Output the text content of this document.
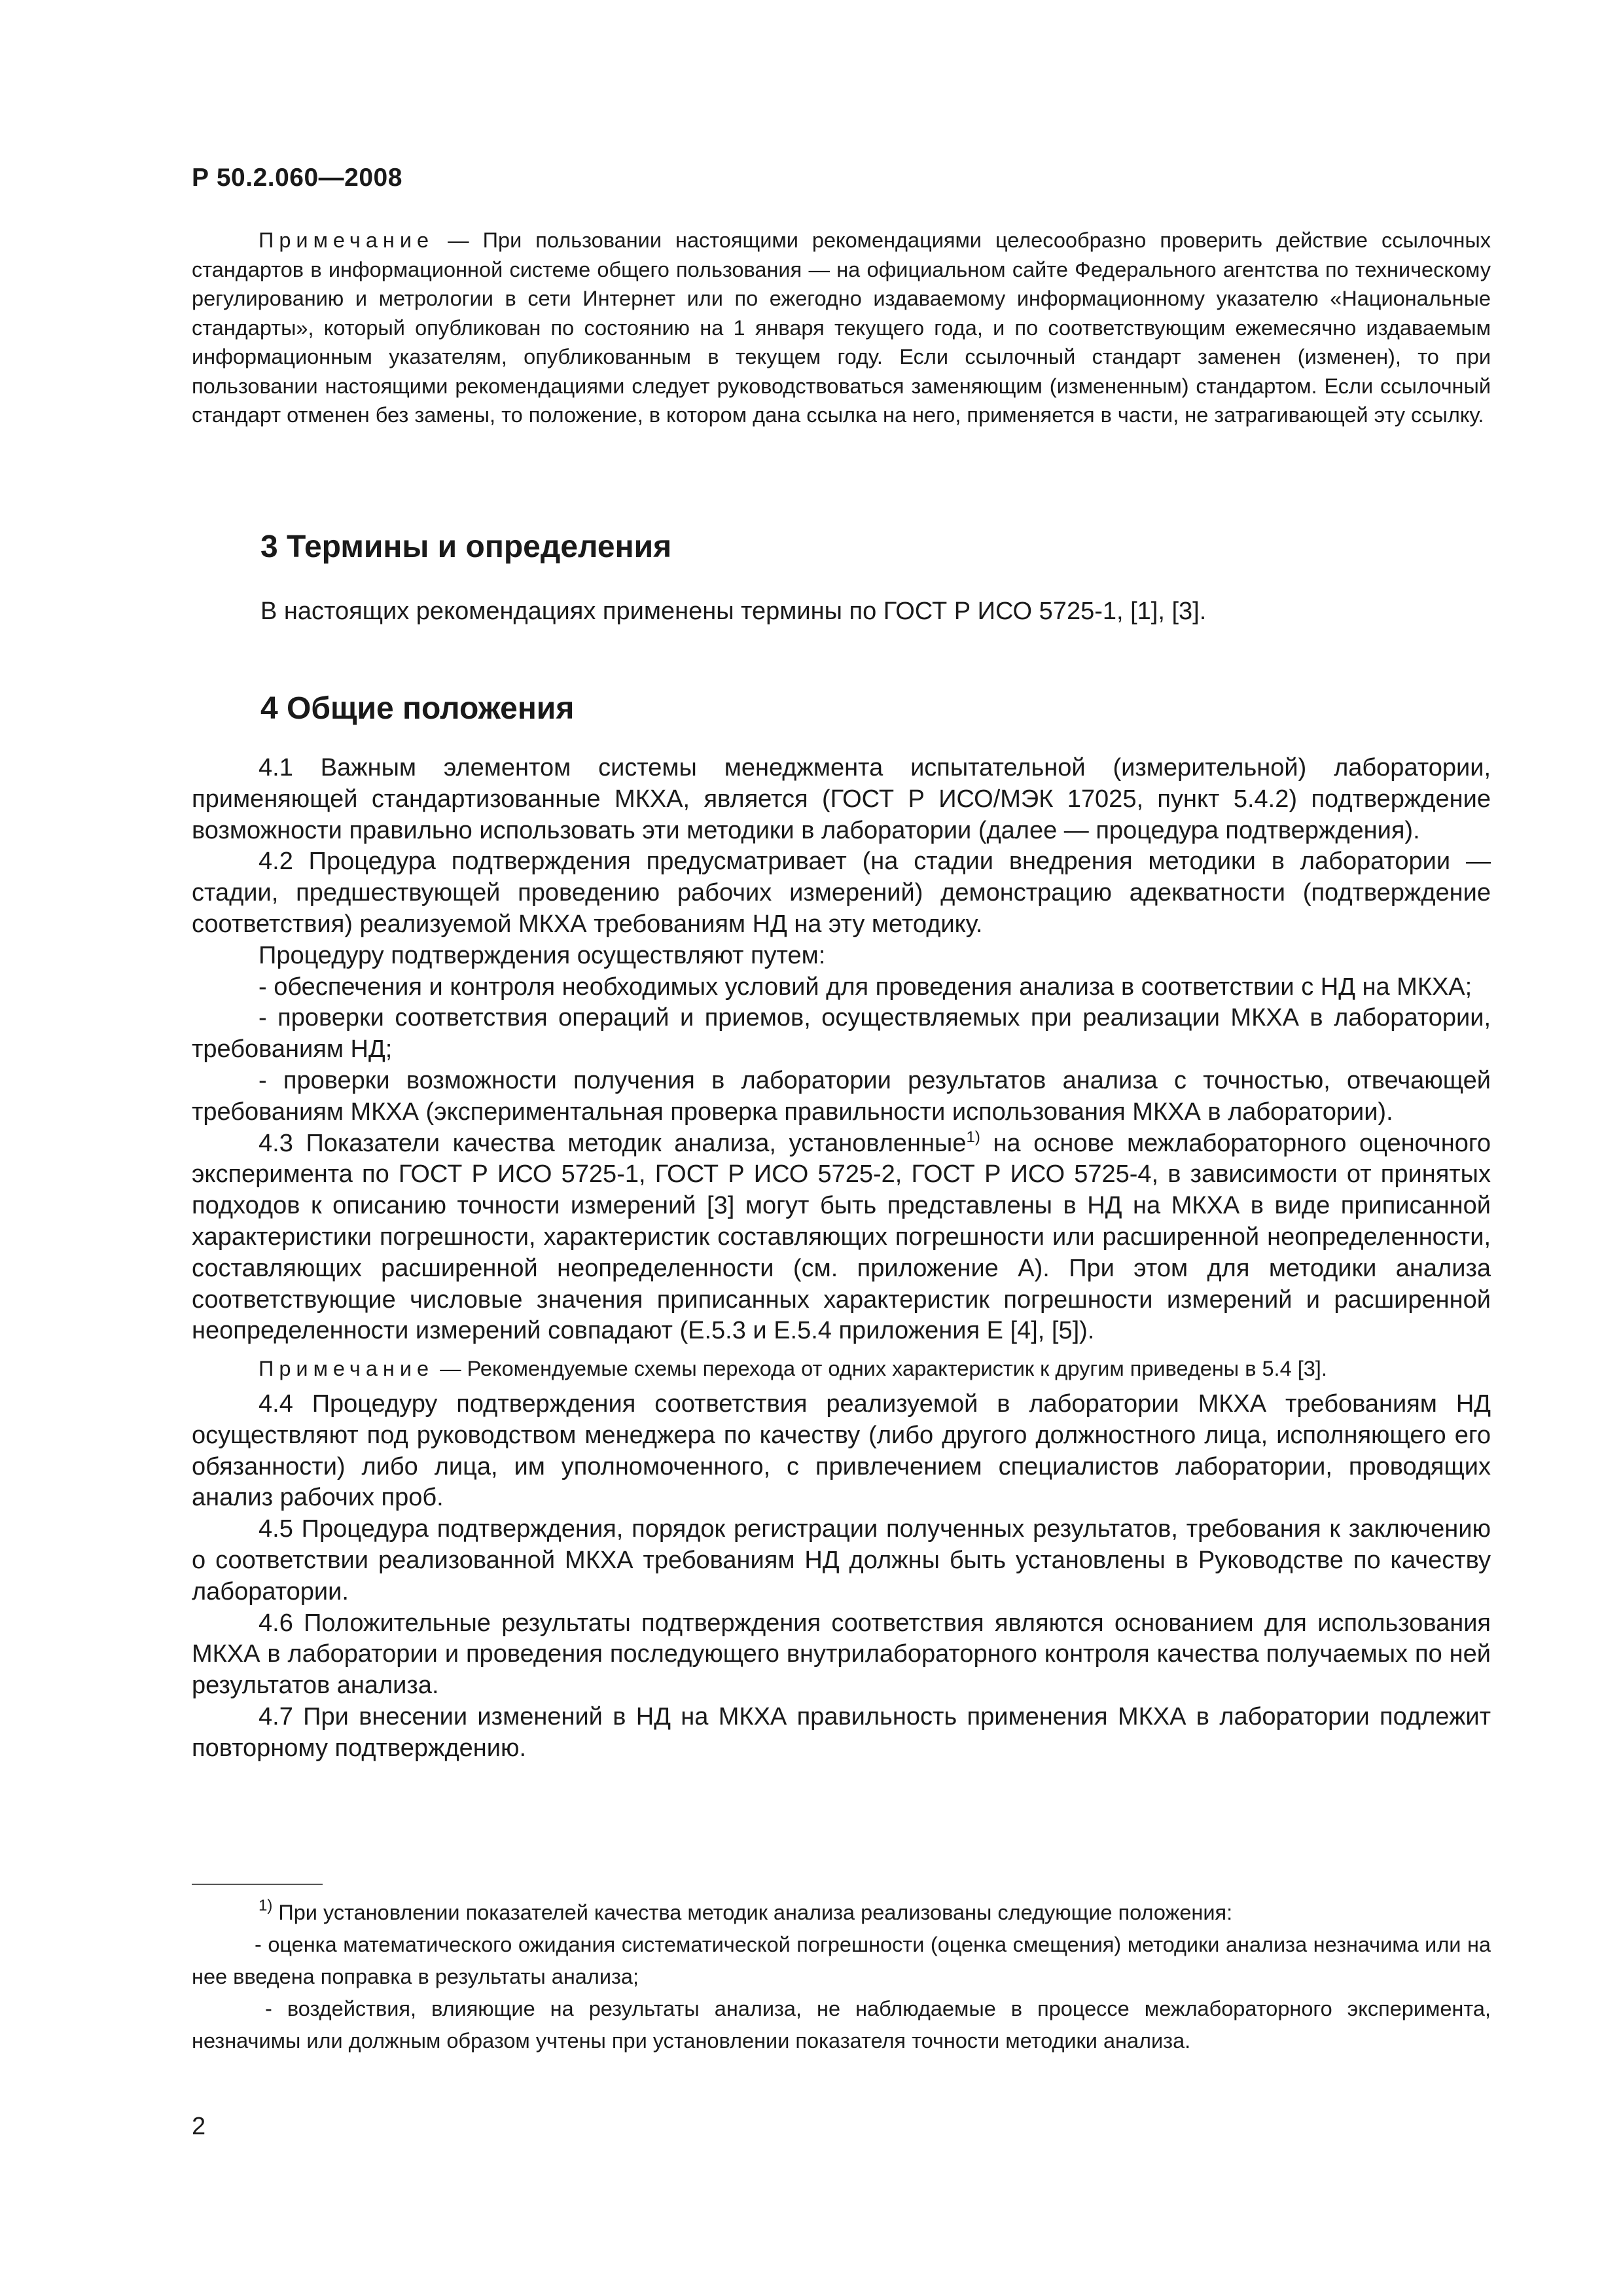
Р 50.2.060—2008

Примечание — При пользовании настоящими рекомендациями целесообразно проверить действие ссылочных стандартов в информационной системе общего пользования — на официальном сайте Федерального агентства по техническому регулированию и метрологии в сети Интернет или по ежегодно издаваемому информационному указателю «Национальные стандарты», который опубликован по состоянию на 1 января текущего года, и по соответствующим ежемесячно издаваемым информационным указателям, опубликованным в текущем году. Если ссылочный стандарт заменен (изменен), то при пользовании настоящими рекомендациями следует руководствоваться заменяющим (измененным) стандартом. Если ссылочный стандарт отменен без замены, то положение, в котором дана ссылка на него, применяется в части, не затрагивающей эту ссылку.

3 Термины и определения

В настоящих рекомендациях применены термины по ГОСТ Р ИСО 5725-1, [1], [3].

4 Общие положения

4.1 Важным элементом системы менеджмента испытательной (измерительной) лаборатории, применяющей стандартизованные МКХА, является (ГОСТ Р ИСО/МЭК 17025, пункт 5.4.2) подтверждение возможности правильно использовать эти методики в лаборатории (далее — процедура подтверждения).

4.2 Процедура подтверждения предусматривает (на стадии внедрения методики в лаборатории — стадии, предшествующей проведению рабочих измерений) демонстрацию адекватности (подтверждение соответствия) реализуемой МКХА требованиям НД на эту методику.

Процедуру подтверждения осуществляют путем:

- обеспечения и контроля необходимых условий для проведения анализа в соответствии с НД на МКХА;

- проверки соответствия операций и приемов, осуществляемых при реализации МКХА в лаборатории, требованиям НД;

- проверки возможности получения в лаборатории результатов анализа с точностью, отвечающей требованиям МКХА (экспериментальная проверка правильности использования МКХА в лаборатории).

4.3 Показатели качества методик анализа, установленные$^{1)}$ на основе межлабораторного оценочного эксперимента по ГОСТ Р ИСО 5725-1, ГОСТ Р ИСО 5725-2, ГОСТ Р ИСО 5725-4, в зависимости от принятых подходов к описанию точности измерений [3] могут быть представлены в НД на МКХА в виде приписанной характеристики погрешности, характеристик составляющих погрешности или расширенной неопределенности, составляющих расширенной неопределенности (см. приложение А). При этом для методики анализа соответствующие числовые значения приписанных характеристик погрешности измерений и расширенной неопределенности измерений совпадают (Е.5.3 и Е.5.4 приложения Е [4], [5]).

Примечание — Рекомендуемые схемы перехода от одних характеристик к другим приведены в 5.4 [3].

4.4 Процедуру подтверждения соответствия реализуемой в лаборатории МКХА требованиям НД осуществляют под руководством менеджера по качеству (либо другого должностного лица, исполняющего его обязанности) либо лица, им уполномоченного, с привлечением специалистов лаборатории, проводящих анализ рабочих проб.

4.5 Процедура подтверждения, порядок регистрации полученных результатов, требования к заключению о соответствии реализованной МКХА требованиям НД должны быть установлены в Руководстве по качеству лаборатории.

4.6 Положительные результаты подтверждения соответствия являются основанием для использования МКХА в лаборатории и проведения последующего внутрилабораторного контроля качества получаемых по ней результатов анализа.

4.7 При внесении изменений в НД на МКХА правильность применения МКХА в лаборатории подлежит повторному подтверждению.

$^{1)}$ При установлении показателей качества методик анализа реализованы следующие положения:

- оценка математического ожидания систематической погрешности (оценка смещения) методики анализа незначима или на нее введена поправка в результаты анализа;

- воздействия, влияющие на результаты анализа, не наблюдаемые в процессе межлабораторного эксперимента, незначимы или должным образом учтены при установлении показателя точности методики анализа.

2
